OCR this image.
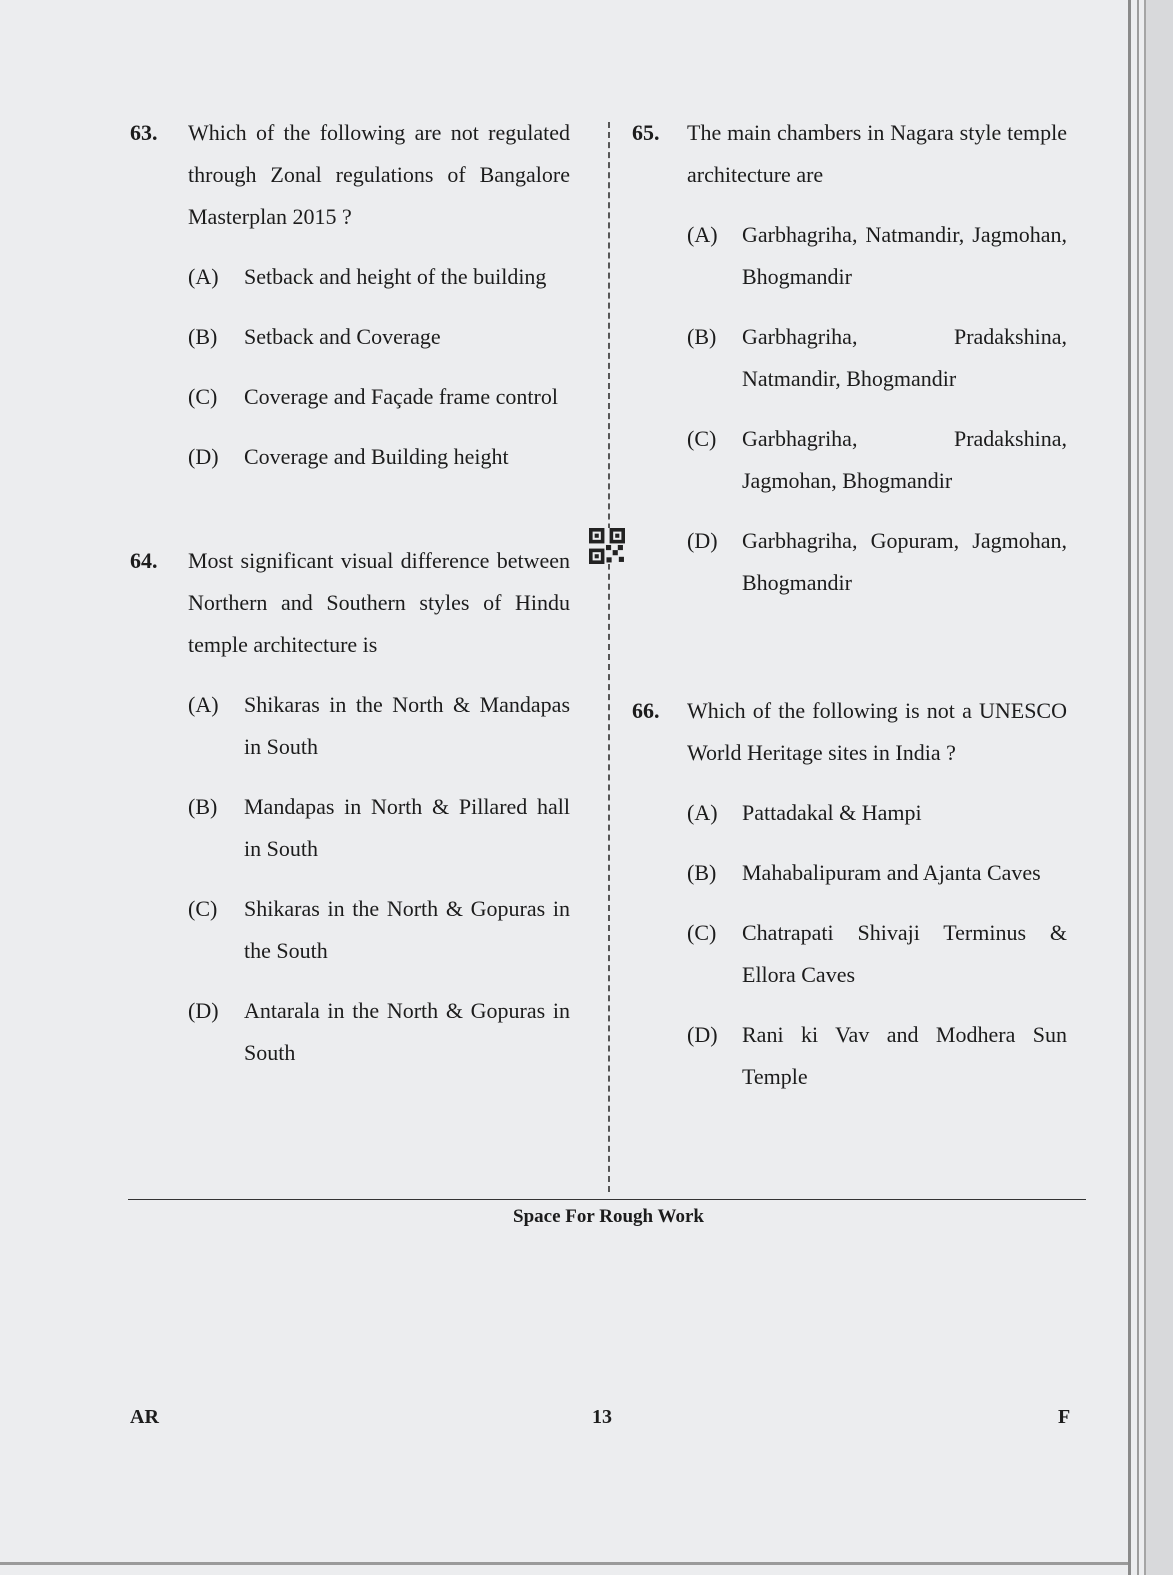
63. Which of the following are not regulated through Zonal regulations of Bangalore Masterplan 2015 ?
(A) Setback and height of the building
(B) Setback and Coverage
(C) Coverage and Façade frame control
(D) Coverage and Building height
64. Most significant visual difference between Northern and Southern styles of Hindu temple architecture is
(A) Shikaras in the North & Mandapas in South
(B) Mandapas in North & Pillared hall in South
(C) Shikaras in the North & Gopuras in the South
(D) Antarala in the North & Gopuras in South
65. The main chambers in Nagara style temple architecture are
(A) Garbhagriha, Natmandir, Jagmohan, Bhogmandir
(B) Garbhagriha, Pradakshina, Natmandir, Bhogmandir
(C) Garbhagriha, Pradakshina, Jagmohan, Bhogmandir
(D) Garbhagriha, Gopuram, Jagmohan, Bhogmandir
66. Which of the following is not a UNESCO World Heritage sites in India ?
(A) Pattadakal & Hampi
(B) Mahabalipuram and Ajanta Caves
(C) Chatrapati Shivaji Terminus & Ellora Caves
(D) Rani ki Vav and Modhera Sun Temple
Space For Rough Work
AR	13	F
